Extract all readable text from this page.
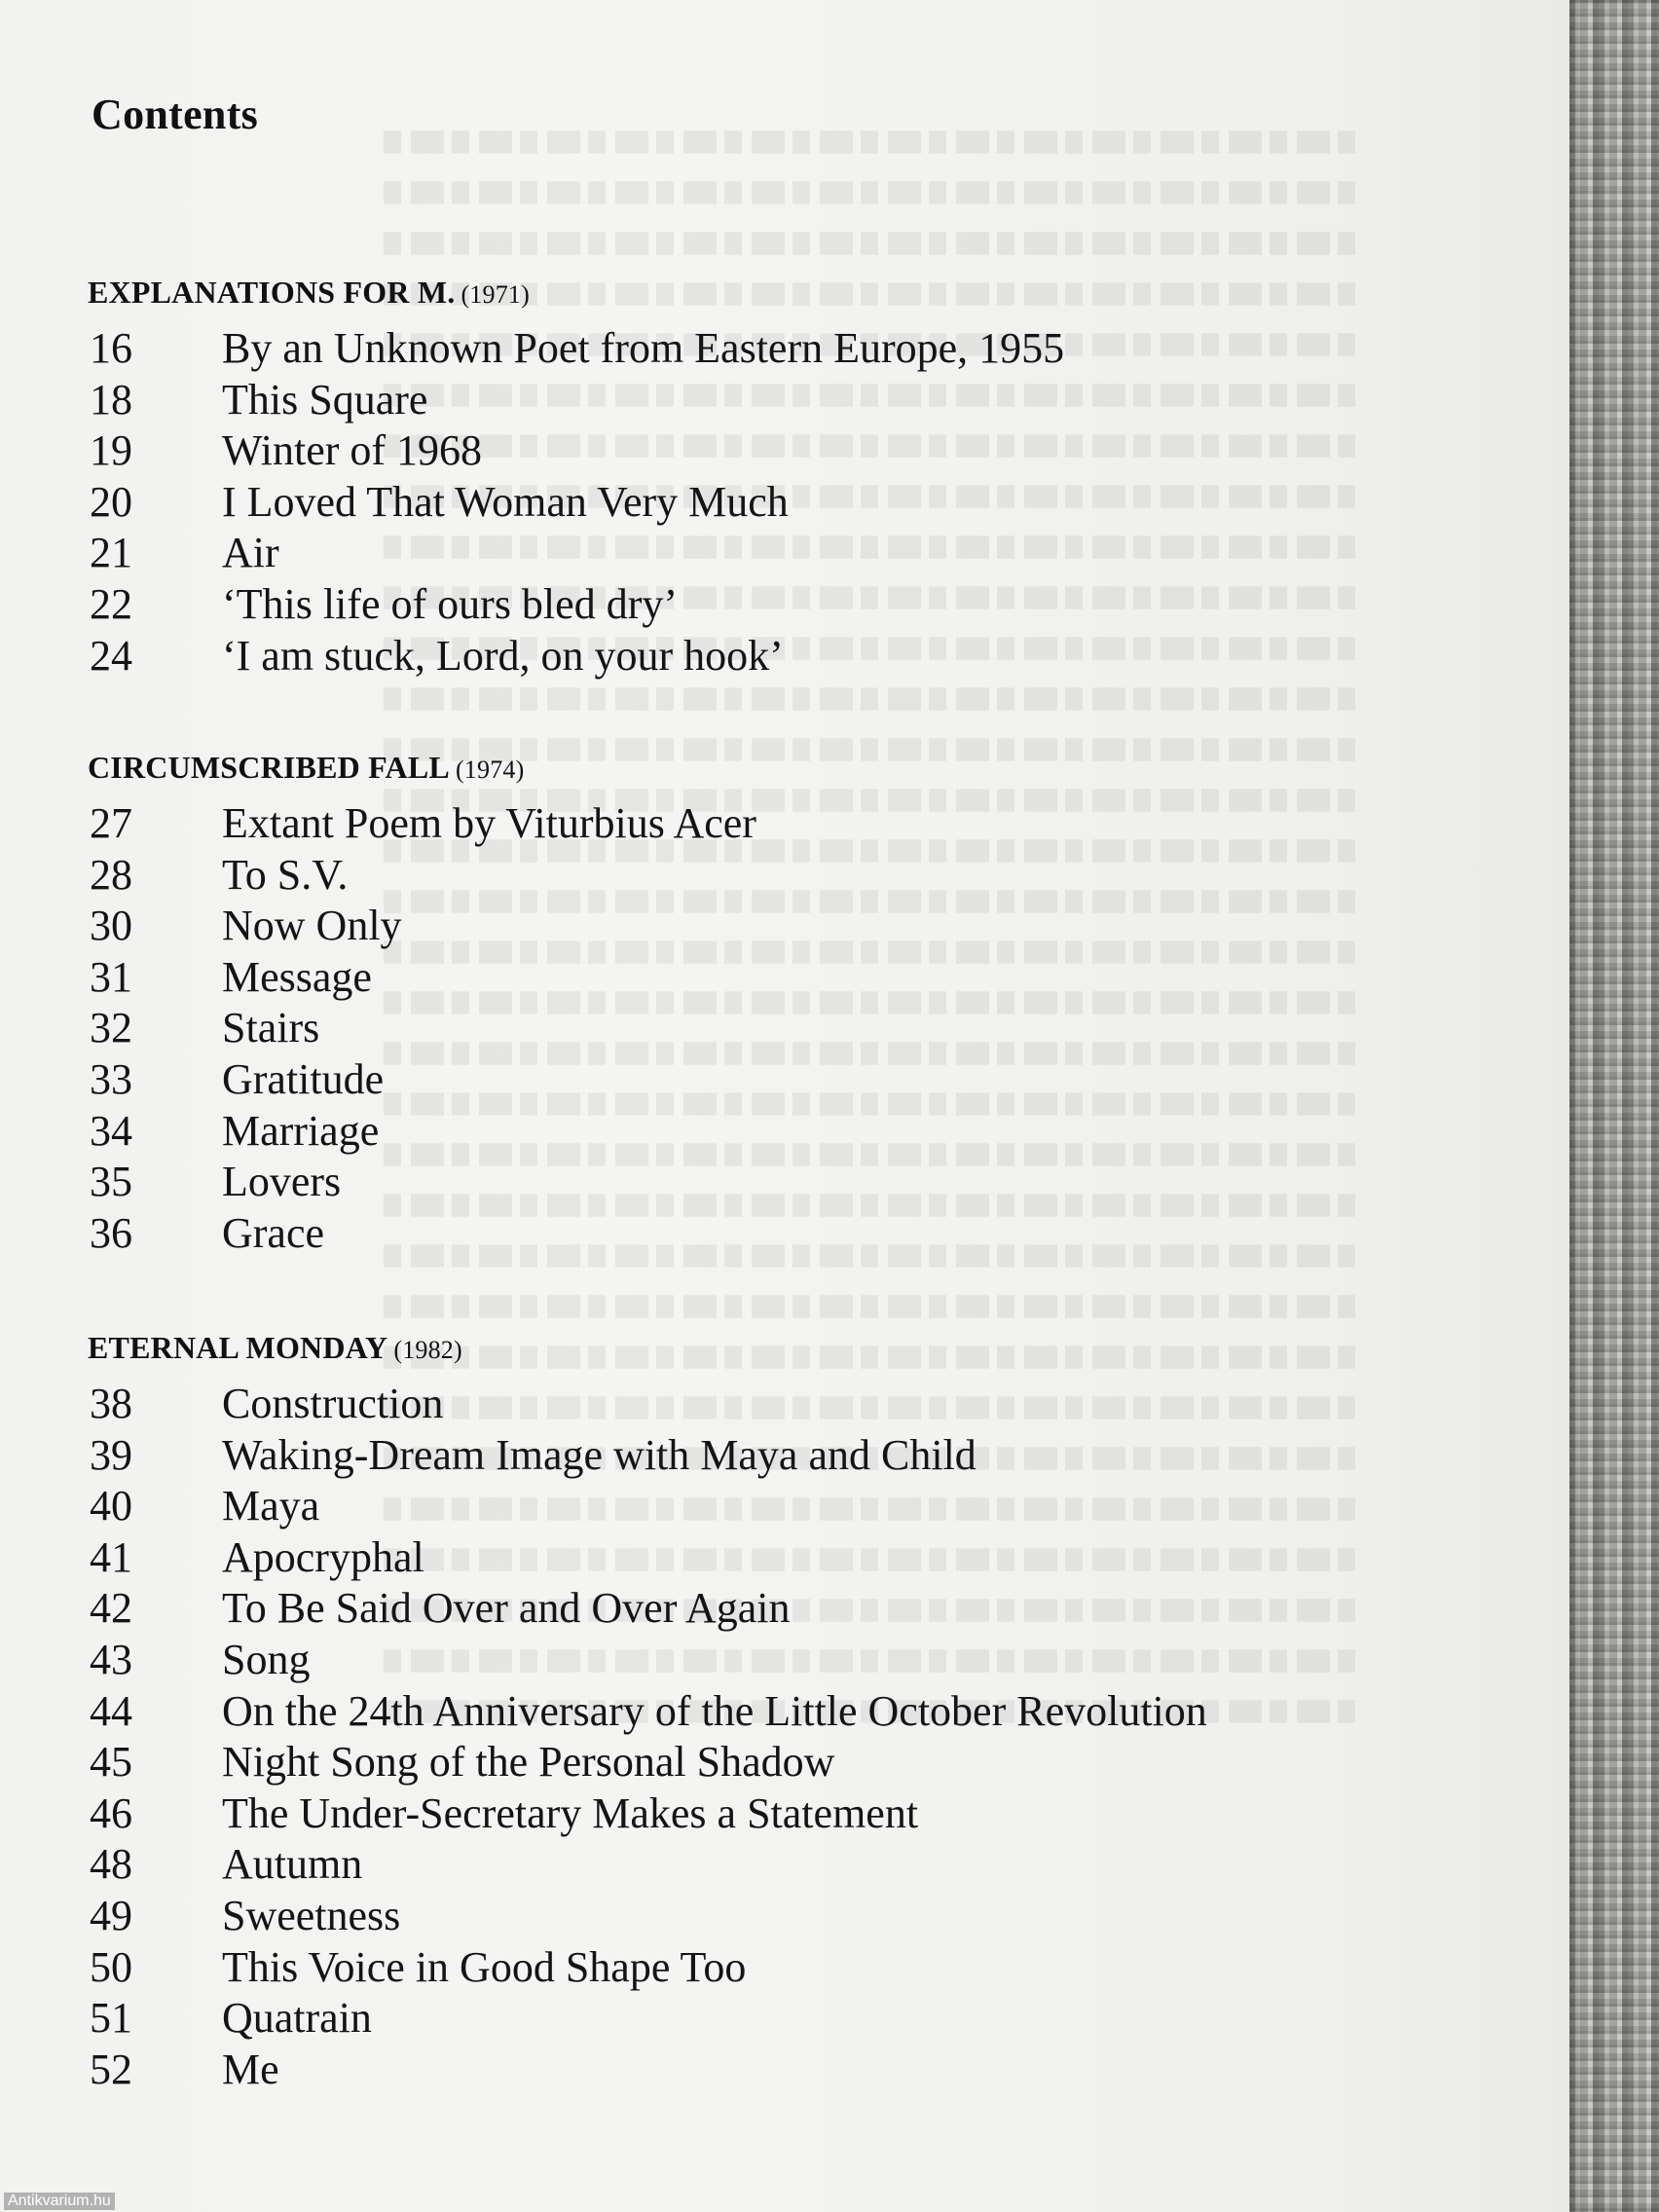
Contents
EXPLANATIONS FOR M. (1971)
16	By an Unknown Poet from Eastern Europe, 1955
18	This Square
19	Winter of 1968
20	I Loved That Woman Very Much
21	Air
22	‘This life of ours bled dry’
24	‘I am stuck, Lord, on your hook’
CIRCUMSCRIBED FALL (1974)
27	Extant Poem by Viturbius Acer
28	To S.V.
30	Now Only
31	Message
32	Stairs
33	Gratitude
34	Marriage
35	Lovers
36	Grace
ETERNAL MONDAY (1982)
38	Construction
39	Waking-Dream Image with Maya and Child
40	Maya
41	Apocryphal
42	To Be Said Over and Over Again
43	Song
44	On the 24th Anniversary of the Little October Revolution
45	Night Song of the Personal Shadow
46	The Under-Secretary Makes a Statement
48	Autumn
49	Sweetness
50	This Voice in Good Shape Too
51	Quatrain
52	Me
Antikvarium.hu
